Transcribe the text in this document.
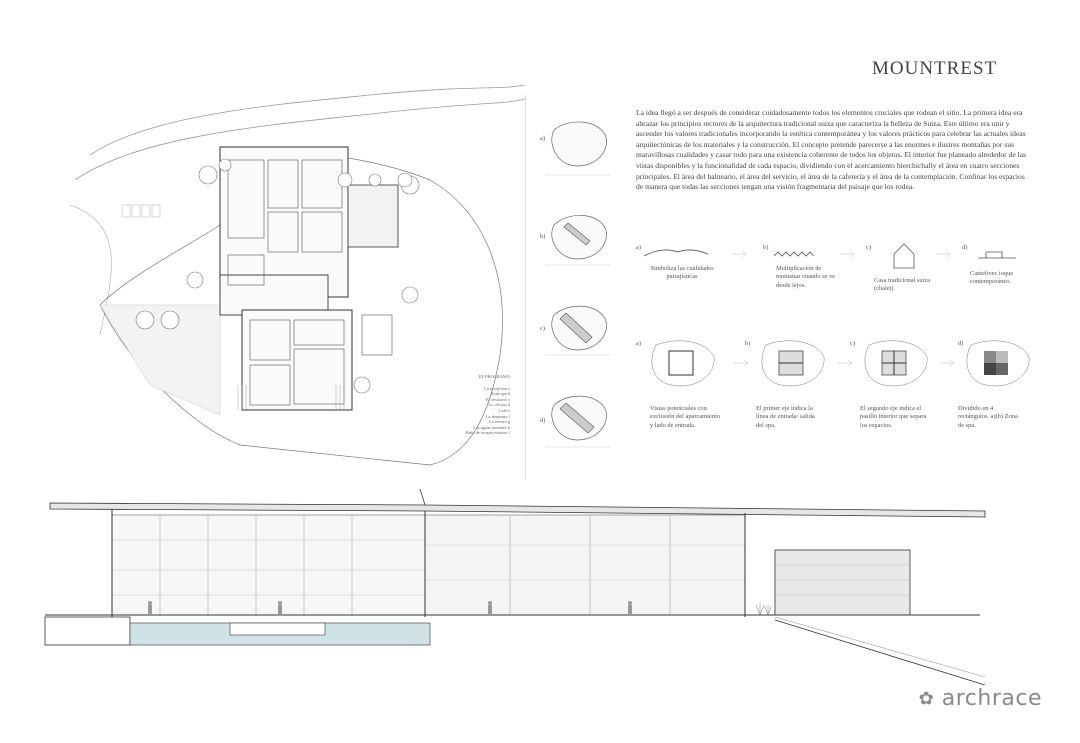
MOUNTREST
La idea llegó a ser después de considerar cuidadosamente todos los elementos cruciales que rodean el sitio. La primera idea era abrazar los principios rectores de la arquitectura tradicional suiza que caracteriza la belleza de Suiza. Este último era unir y ascender los valores tradicionales incorporando la estética contemporánea y los valores prácticos para celebrar las actuales ideas arquitectónicas de los materiales y la construcción. El concepto pretende parecerse a las enormes e ilustres montañas por sus maravillosas cualidades y casar todo para una existencia coherente de todos los objetos. El interior fue planeado alrededor de las vistas disponibles y la funcionalidad de cada espacio, dividiendo con el acercamiento hierchichally el área en cuatro secciones principales. El área del balneario, el área del servicio, el área de la cafetería y el área de la contemplación. Confinar los espacios de manera que todas las secciones tengan una visión fragmentaria del paisaje que los rodea.
EL PROGRAMA
La recepción a
Zona spa b
El vestuario c
Lo oficina d
Café e
La despensa f
La terraza g
Las aguas termales h
Patio de terapia exterior i
a)
b)
c)
d)
a)	b)	c)	d)
Simboliza las cualidades paisajísticas
Multiplicación de montañas cuando se ve desde lejos.
Casa tradicional suiza (chalet)
Cantelivec toque contemporáneo.
a)	b)	c)	d)
Vistas potenciales con exclusión del aparcamiento y lado de entrada.
El primer eje indica la línea de entrada/ salida del spa.
El segundo eje indica el pasillo interior que separa los espacios.
Dividido en 4 rectángulos. a)(b) Zona de spa.
✿ archrace
